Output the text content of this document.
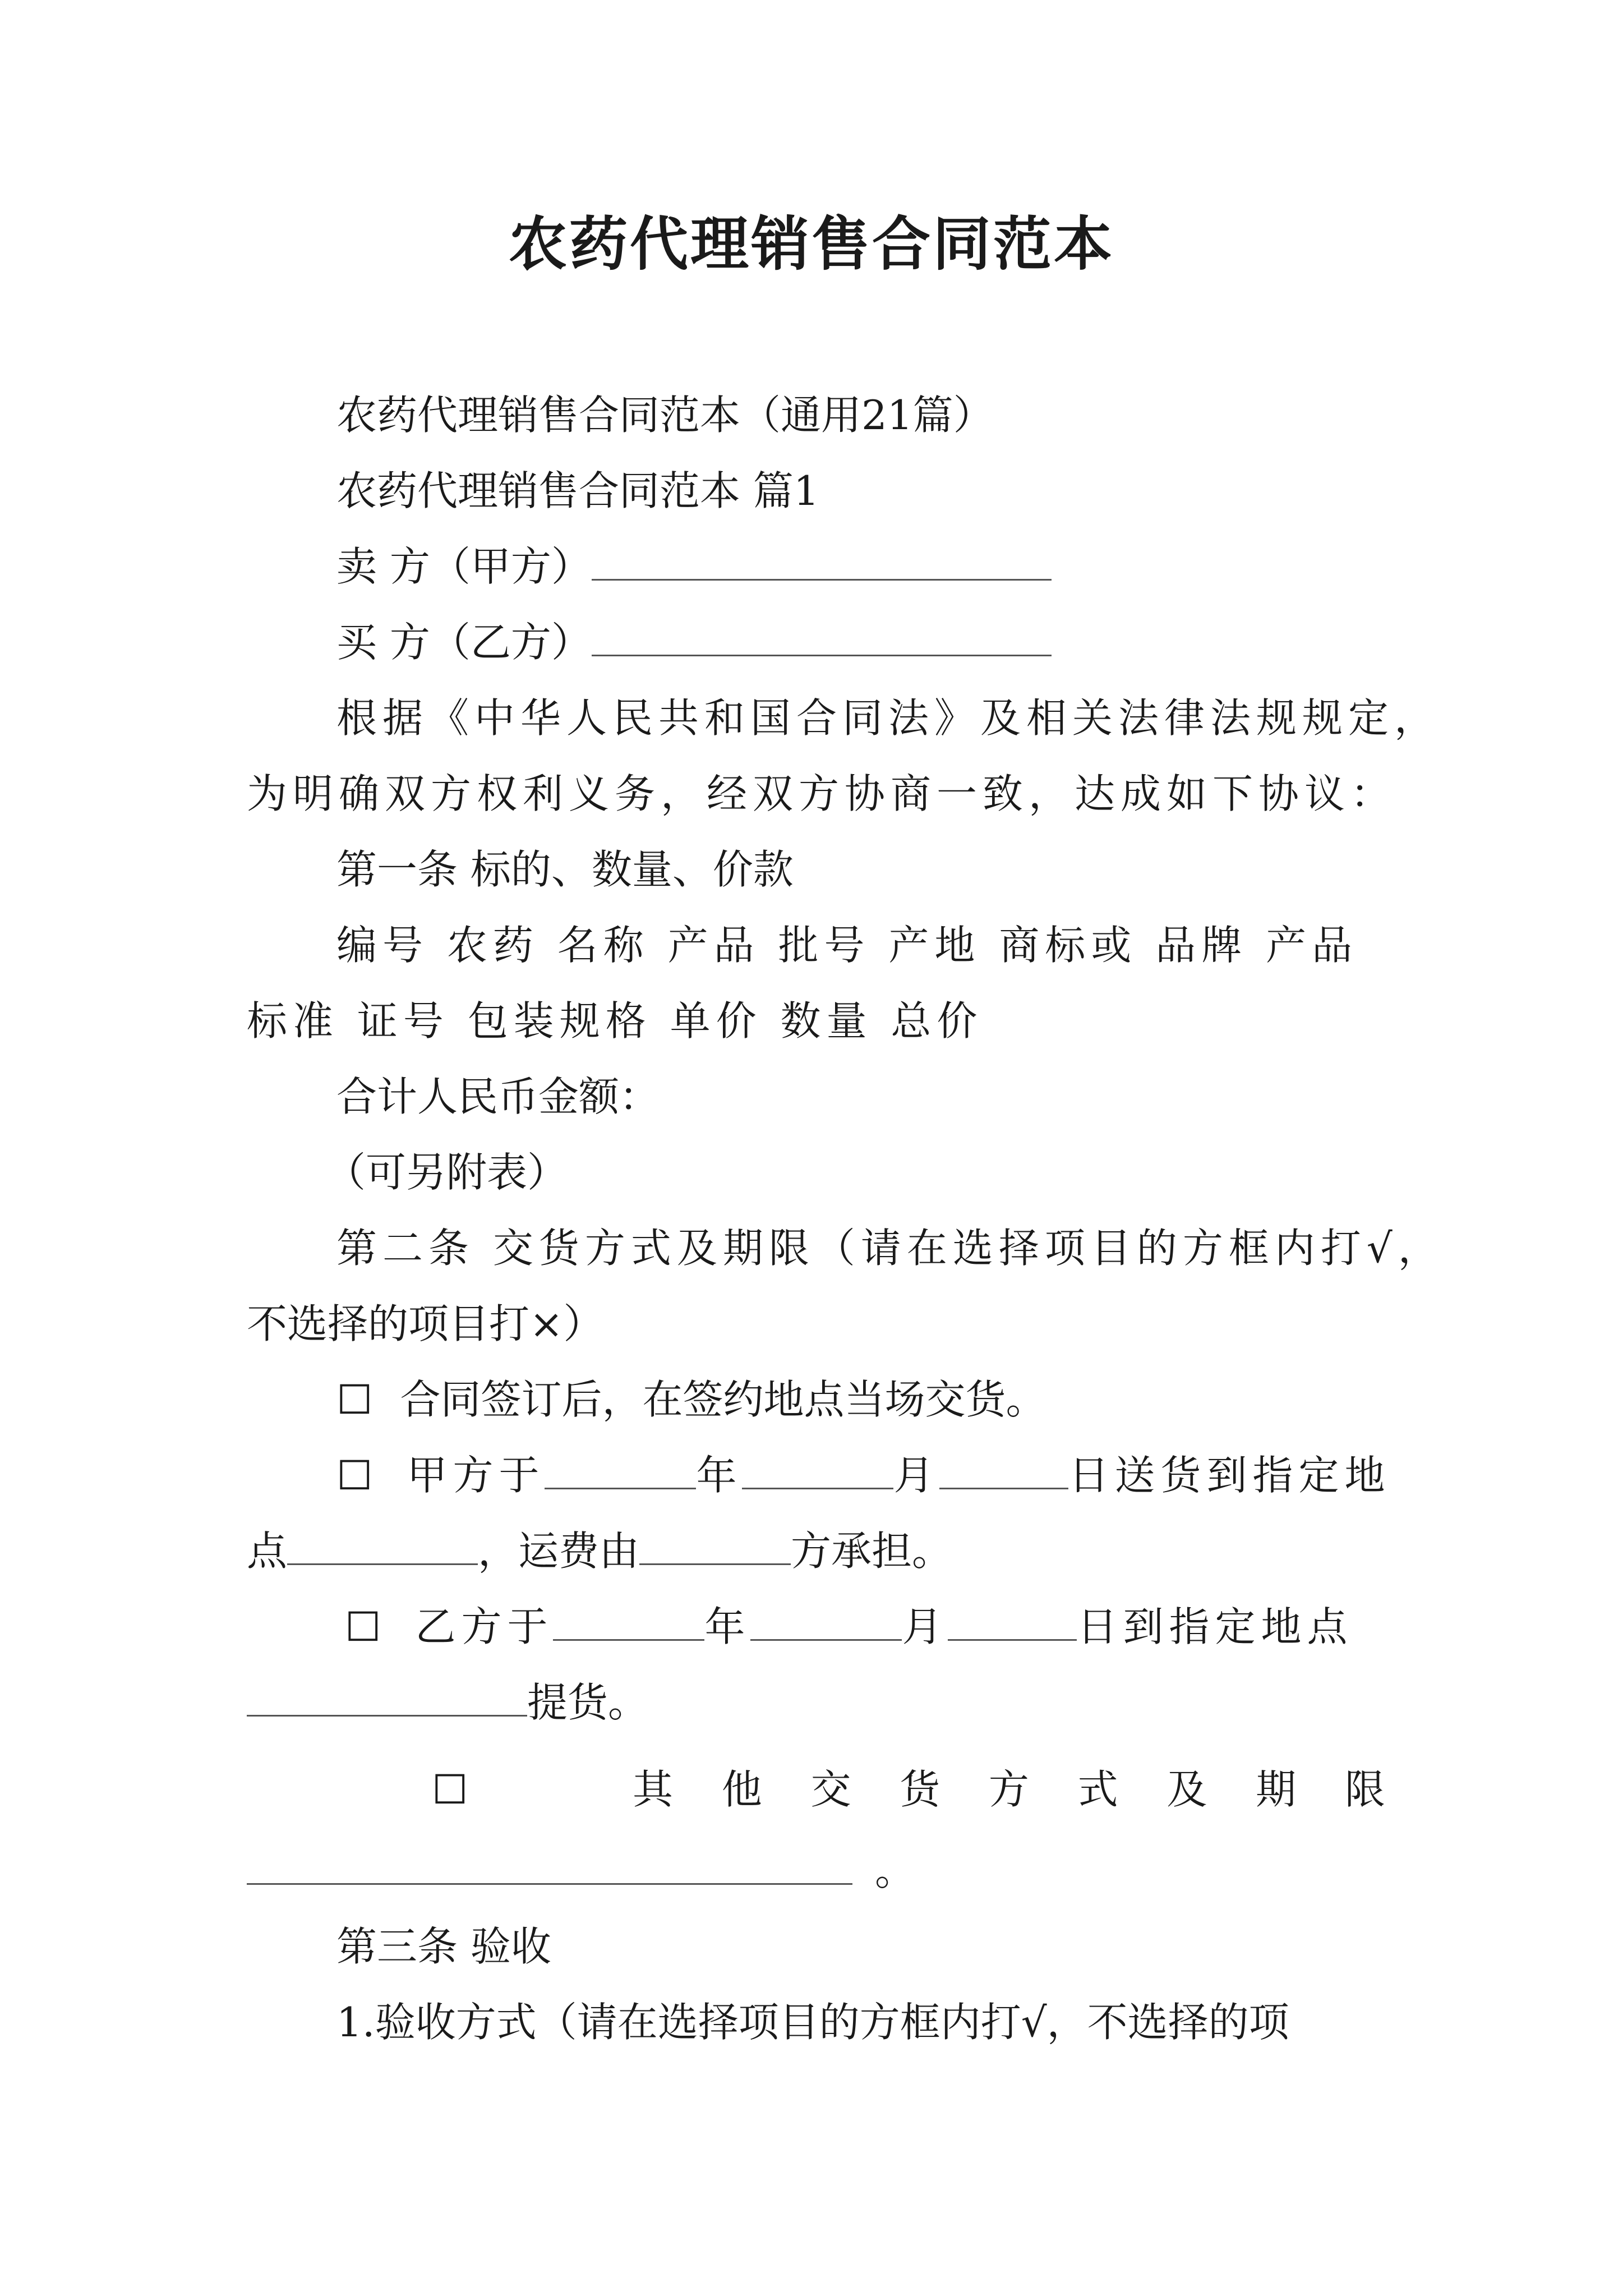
农药代理销售合同范本
农药代理销售合同范本（通用21篇）
农药代理销售合同范本 篇1
卖 方（甲方）
买 方（乙方）
根据《中华人民共和国合同法》及相关法律法规规定，
为明确双方权利义务，经双方协商一致，达成如下协议：
第一条 标的、数量、价款
编号 农药 名称 产品 批号 产地 商标或 品牌 产品
标准 证号 包装规格 单价 数量 总价
合计人民币金额：
（可另附表）
第二条 交货方式及期限（请在选择项目的方框内打√，
不选择的项目打×）
☐ 合同签订后，在签约地点当场交货。
☐ 甲方于	年	月	日送货到指定地
点	，运费由	方承担。
☐ 乙方于	年	月	日到指定地点
提货。
☐	其 他 交 货 方 式 及 期 限
。
第三条 验收
1.验收方式（请在选择项目的方框内打√，不选择的项
